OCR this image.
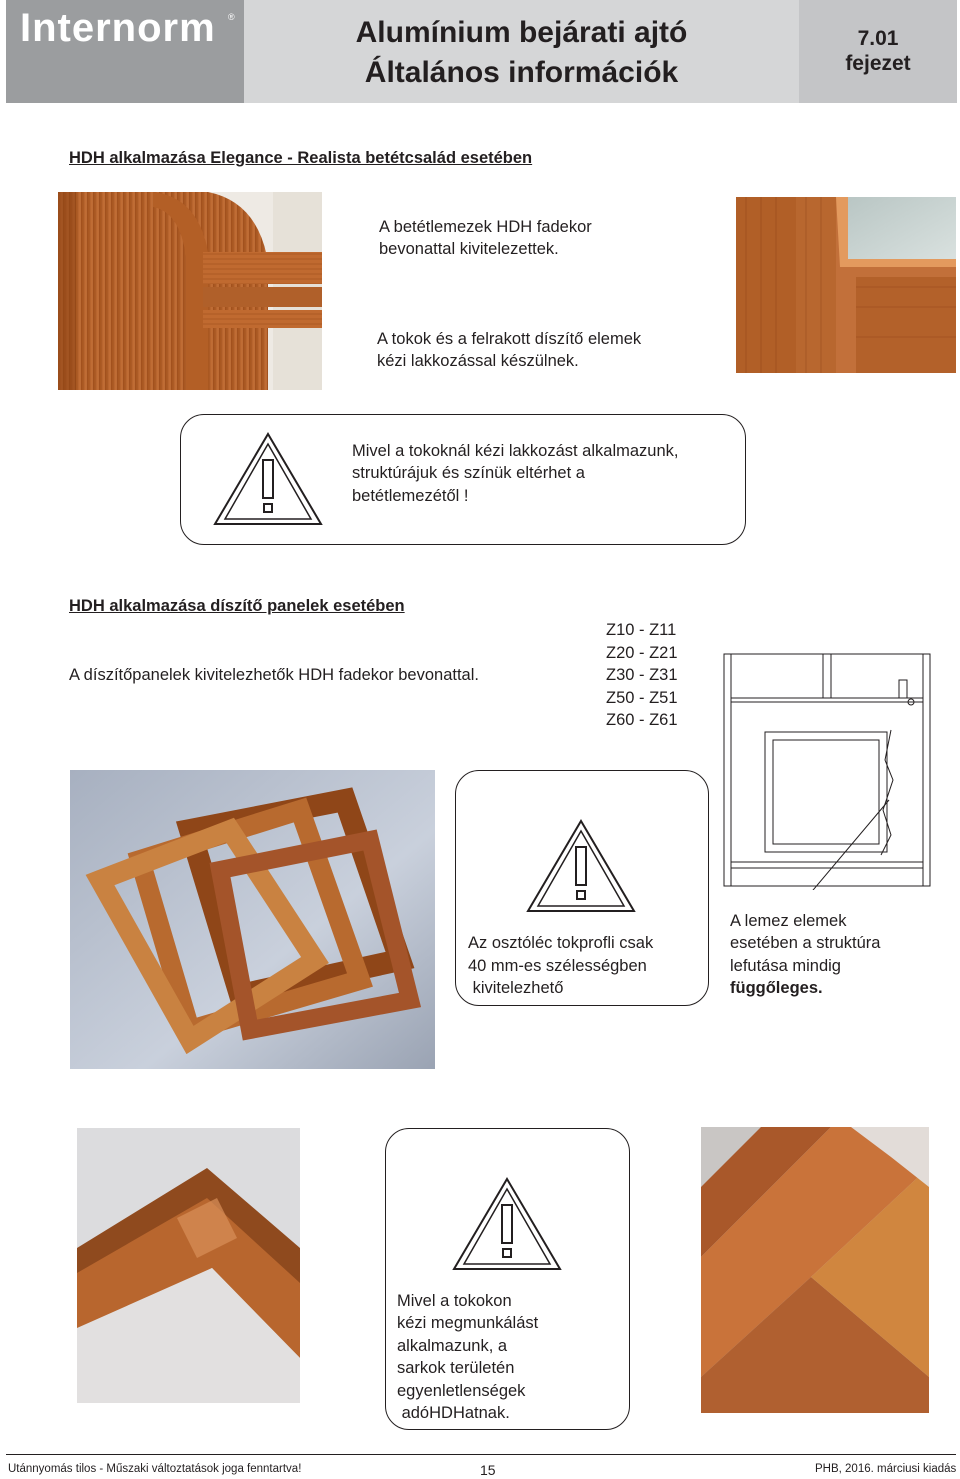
Internorm ®	Alumínium bejárati ajtó
Általános információk
7.01
fejezet
HDH alkalmazása Elegance - Realista betétcsalád esetében
A betétlemezek HDH fadekor
bevonattal kivitelezettek.
A tokok és a felrakott díszítő elemek
kézi lakkozással készülnek.
Mivel a tokoknál kézi lakkozást alkalmazunk,
struktúrájuk és színük eltérhet a
betétlemezétől !
HDH alkalmazása díszítő panelek esetében
A díszítőpanelek kivitelezhetők HDH fadekor bevonattal.
Z10 - Z11
Z20 - Z21
Z30 - Z31
Z50 - Z51
Z60 - Z61
Az osztóléc tokprofli csak
40 mm-es szélességben
kivitelezhető
A lemez elemek
esetében a struktúra
lefutása mindig
függőleges.
Mivel a tokokon
kézi megmunkálást
alkalmazunk, a
sarkok területén
egyenletlenségek
adóHDHatnak.
Utánnyomás tilos - Műszaki változtatások joga fenntartva!	15	PHB, 2016. márciusi kiadás
